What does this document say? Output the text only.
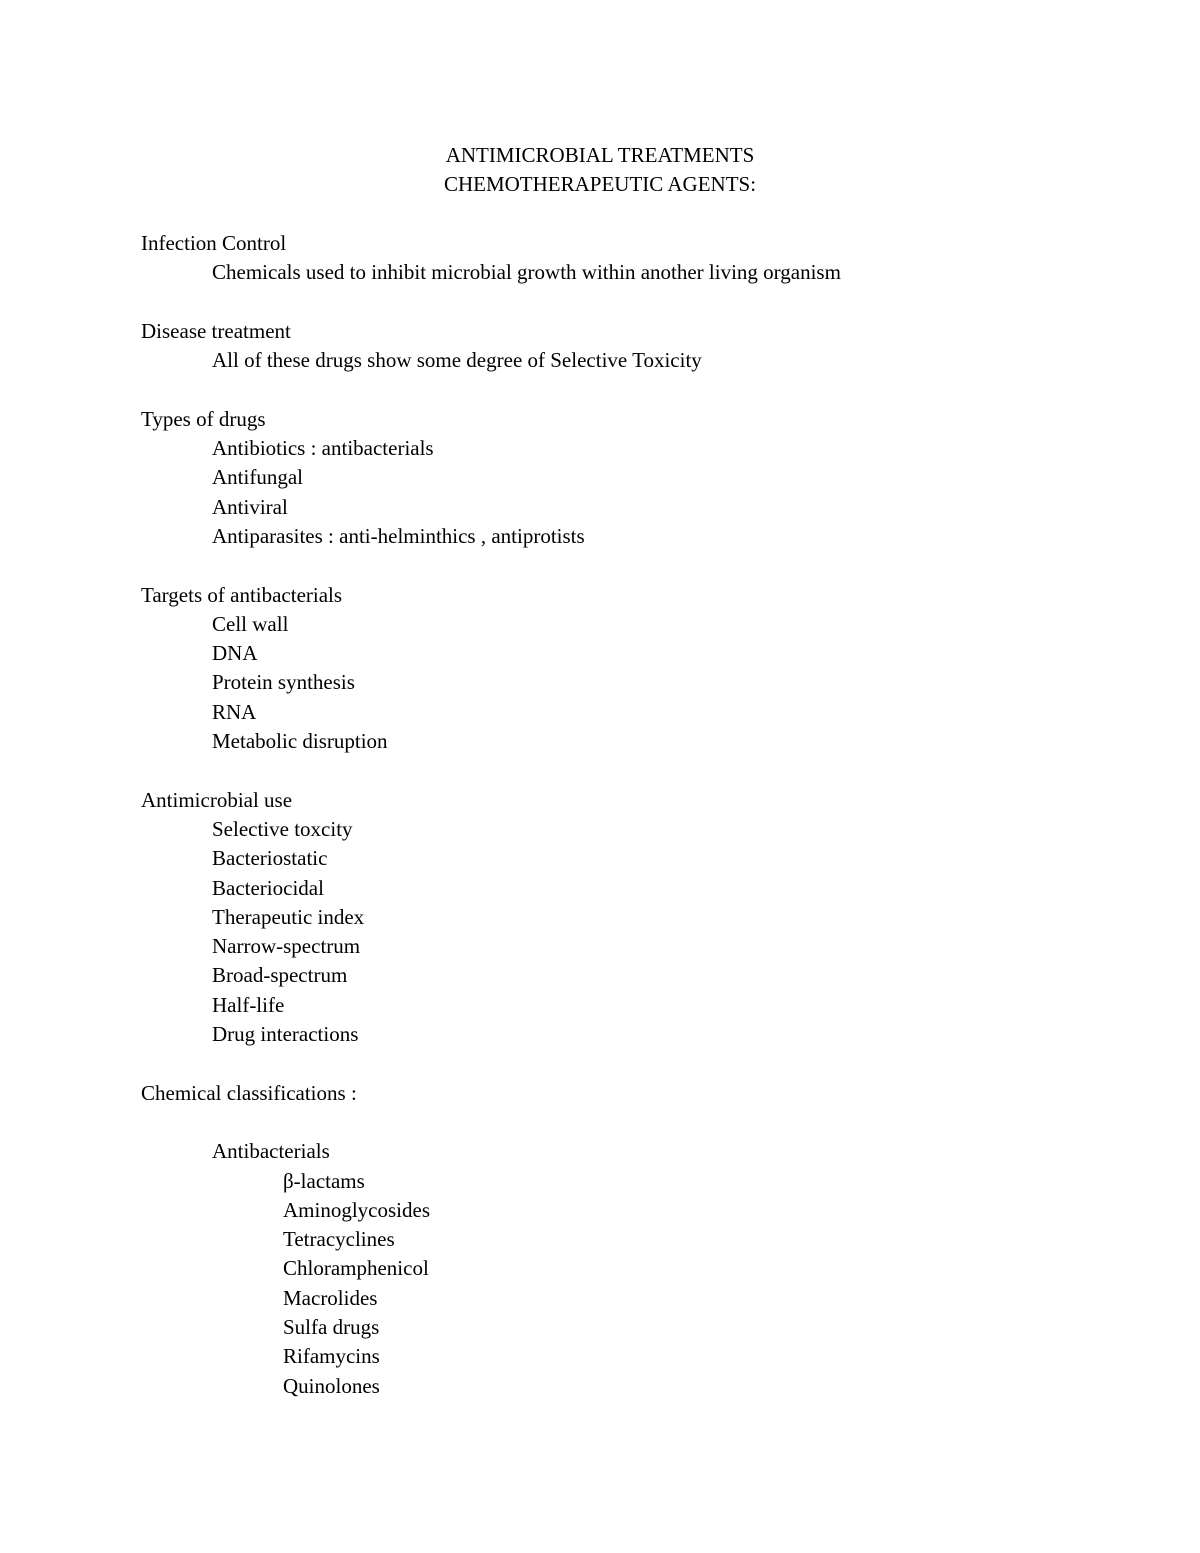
ANTIMICROBIAL TREATMENTS
CHEMOTHERAPEUTIC AGENTS:
Infection Control
Chemicals used to inhibit microbial growth within another living organism
Disease treatment
All of these drugs show some degree of Selective Toxicity
Types of drugs
Antibiotics : antibacterials
Antifungal
Antiviral
Antiparasites : anti-helminthics , antiprotists
Targets of antibacterials
Cell wall
DNA
Protein synthesis
RNA
Metabolic disruption
Antimicrobial use
Selective toxcity
Bacteriostatic
Bacteriocidal
Therapeutic index
Narrow-spectrum
Broad-spectrum
Half-life
Drug interactions
Chemical classifications :
Antibacterials
β-lactams
Aminoglycosides
Tetracyclines
Chloramphenicol
Macrolides
Sulfa drugs
Rifamycins
Quinolones
